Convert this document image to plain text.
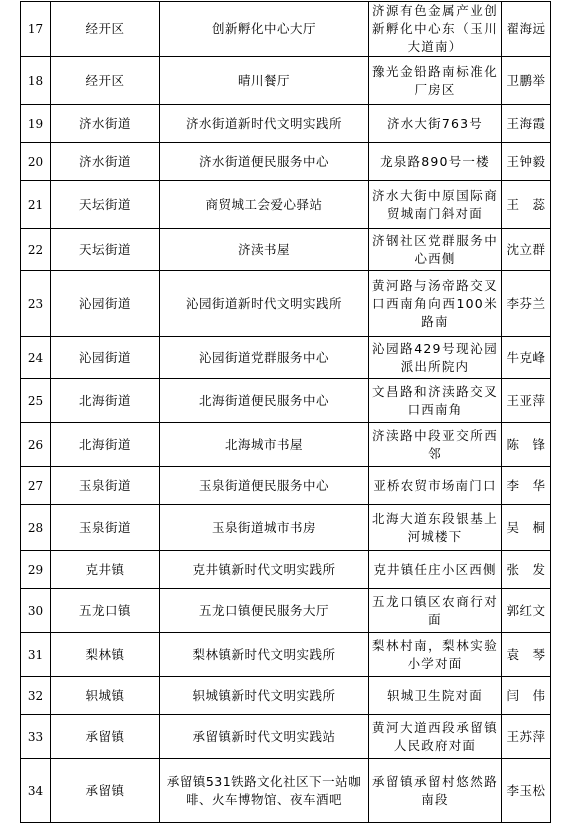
17	经开区	创新孵化中心大厅	济源有色金属产业创新孵化中心东（玉川大道南）	翟海远
18	经开区	晴川餐厅	豫光金铅路南标准化厂房区	卫鹏举
19	济水街道	济水街道新时代文明实践所	济水大街763号	王海霞
20	济水街道	济水街道便民服务中心	龙泉路890号一楼	王钟毅
21	天坛街道	商贸城工会爱心驿站	济水大街中原国际商贸城南门斜对面	王　蕊
22	天坛街道	济渎书屋	济钢社区党群服务中心西侧	沈立群
23	沁园街道	沁园街道新时代文明实践所	黄河路与汤帝路交叉口西南角向西100米路南	李芬兰
24	沁园街道	沁园街道党群服务中心	沁园路429号现沁园派出所院内	牛克峰
25	北海街道	北海街道便民服务中心	文昌路和济渎路交叉口西南角	王亚萍
26	北海街道	北海城市书屋	济渎路中段亚交所西邻	陈　锋
27	玉泉街道	玉泉街道便民服务中心	亚桥农贸市场南门口	李　华
28	玉泉街道	玉泉街道城市书房	北海大道东段银基上河城楼下	吴　桐
29	克井镇	克井镇新时代文明实践所	克井镇任庄小区西侧	张　发
30	五龙口镇	五龙口镇便民服务大厅	五龙口镇区农商行对面	郭红文
31	梨林镇	梨林镇新时代文明实践所	梨林村南，梨林实验小学对面	袁　琴
32	轵城镇	轵城镇新时代文明实践所	轵城卫生院对面	闫　伟
33	承留镇	承留镇新时代文明实践站	黄河大道西段承留镇人民政府对面	王苏萍
34	承留镇	承留镇531铁路文化社区下一站咖啡、火车博物馆、夜车酒吧	承留镇承留村悠然路南段	李玉松
